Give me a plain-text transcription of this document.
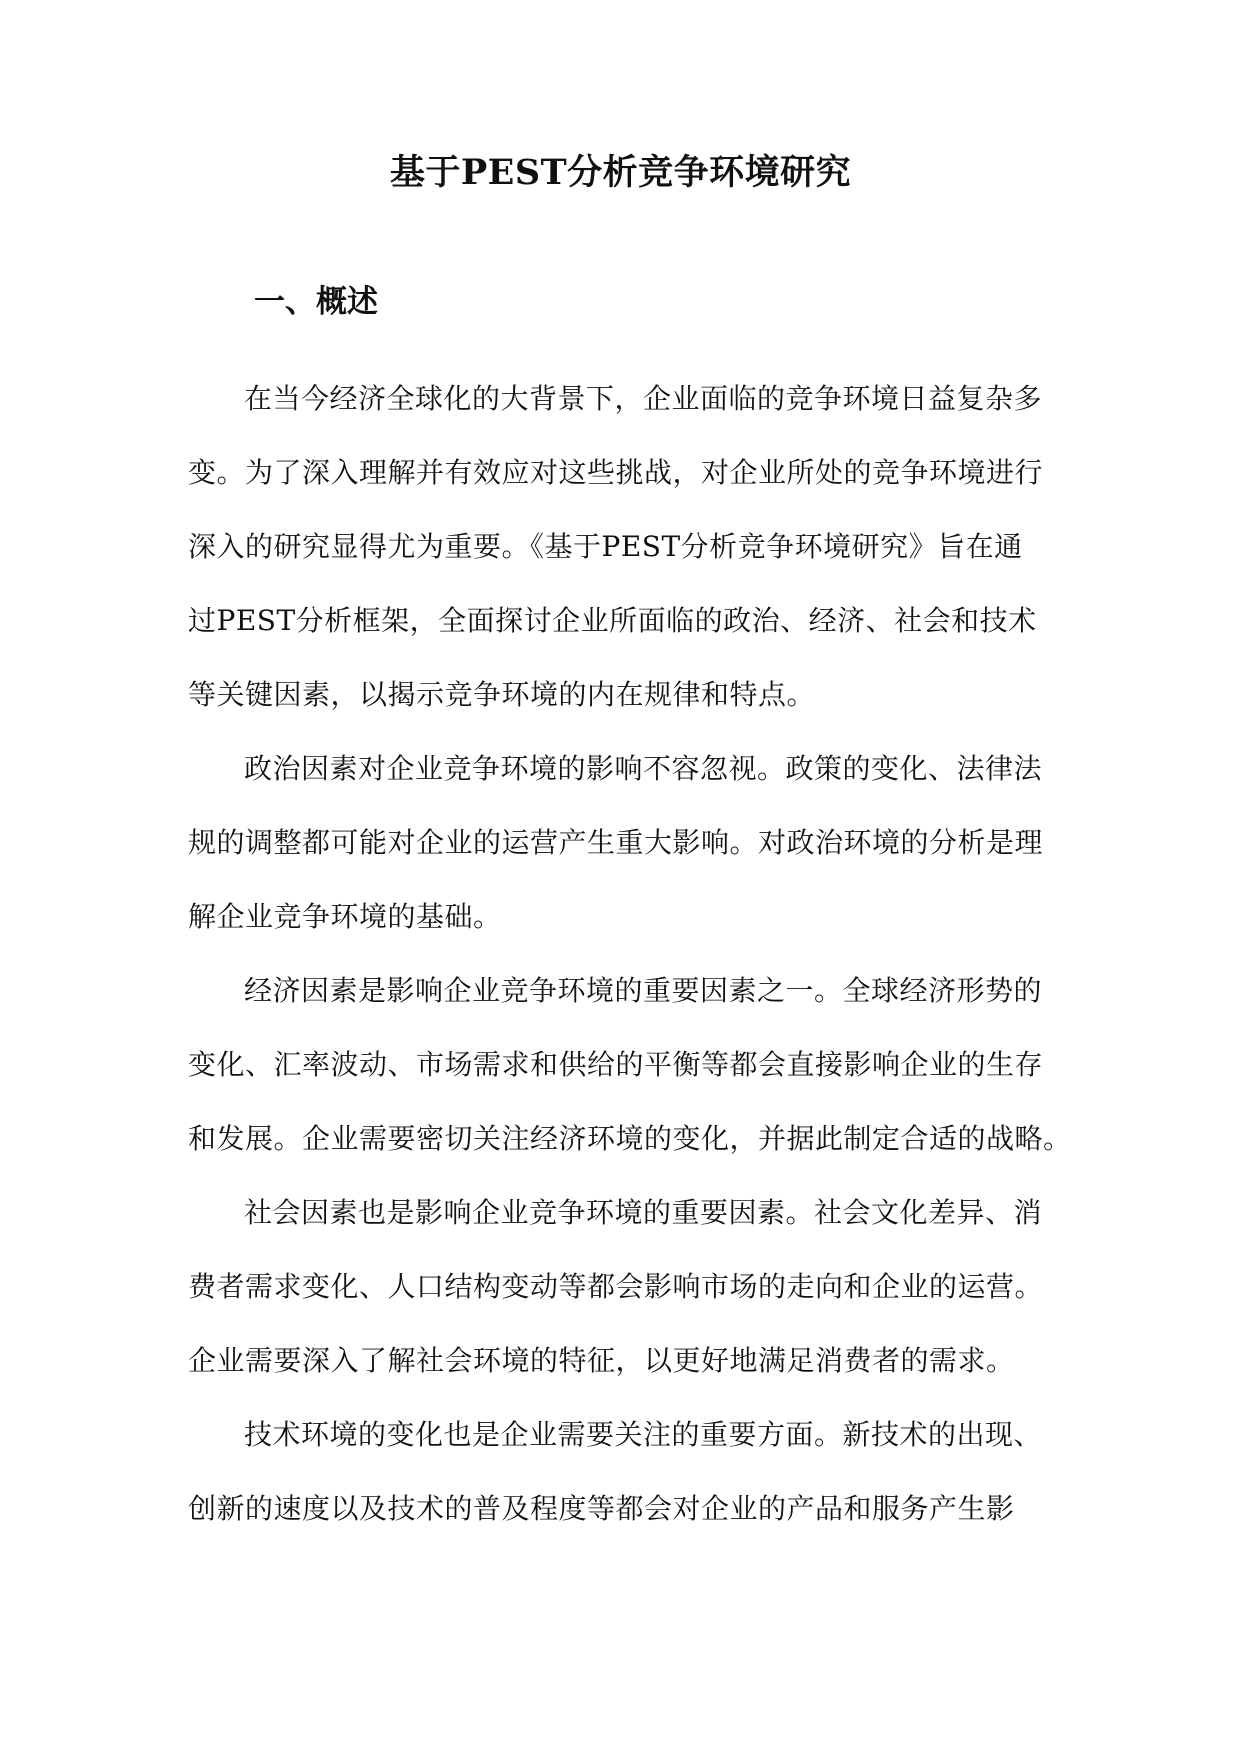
基于PEST分析竞争环境研究
一、概述

在当今经济全球化的大背景下，企业面临的竞争环境日益复杂多
变。为了深入理解并有效应对这些挑战，对企业所处的竞争环境进行
深入的研究显得尤为重要。《基于PEST分析竞争环境研究》旨在通
过PEST分析框架，全面探讨企业所面临的政治、经济、社会和技术
等关键因素，以揭示竞争环境的内在规律和特点。

政治因素对企业竞争环境的影响不容忽视。政策的变化、法律法
规的调整都可能对企业的运营产生重大影响。对政治环境的分析是理
解企业竞争环境的基础。

经济因素是影响企业竞争环境的重要因素之一。全球经济形势的
变化、汇率波动、市场需求和供给的平衡等都会直接影响企业的生存
和发展。企业需要密切关注经济环境的变化，并据此制定合适的战略。

社会因素也是影响企业竞争环境的重要因素。社会文化差异、消
费者需求变化、人口结构变动等都会影响市场的走向和企业的运营。
企业需要深入了解社会环境的特征，以更好地满足消费者的需求。

技术环境的变化也是企业需要关注的重要方面。新技术的出现、
创新的速度以及技术的普及程度等都会对企业的产品和服务产生影
